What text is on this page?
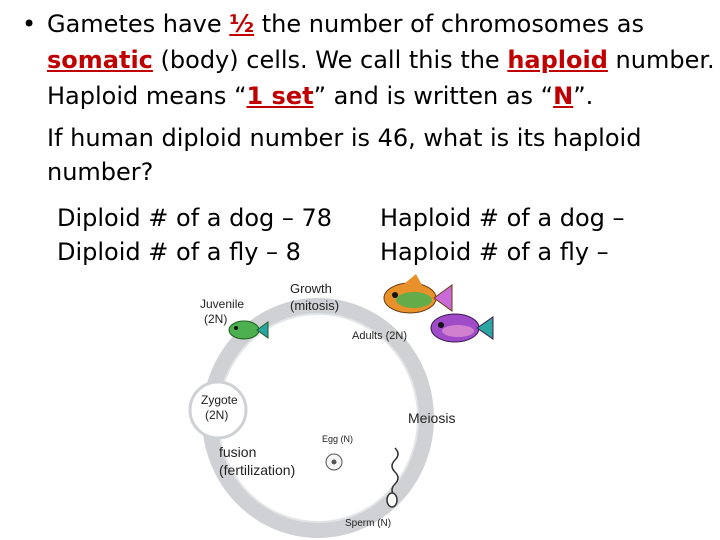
• Gametes have ½ the number of chromosomes as
somatic (body) cells. We call this the haploid number.
Haploid means “1 set” and is written as “N”.
If human diploid number is 46, what is its haploid
number?
Diploid # of a dog – 78
Diploid # of a fly – 8
Haploid # of a dog –
Haploid # of a fly –
Growth
(mitosis)
Juvenile
(2N)
Adults (2N)
Zygote
(2N)	Meiosis
Egg (N)
fusion
(fertilization)
Sperm (N)
